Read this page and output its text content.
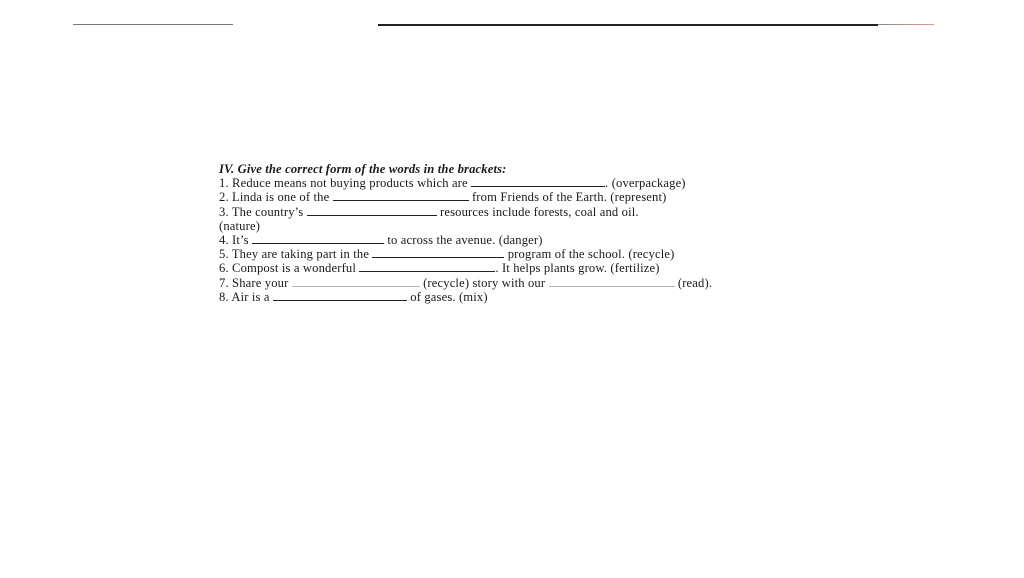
IV. Give the correct form of the words in the brackets:
1. Reduce means not buying products which are	. (overpackage)
2. Linda is one of the	from Friends of the Earth. (represent)
3. The country’s	resources include forests, coal and oil.
(nature)
4. It’s	to across the avenue. (danger)
5. They are taking part in the	program of the school. (recycle)
6. Compost is a wonderful	. It helps plants grow. (fertilize)
7. Share your	(recycle) story with our	(read).
8. Air is a	of gases. (mix)
